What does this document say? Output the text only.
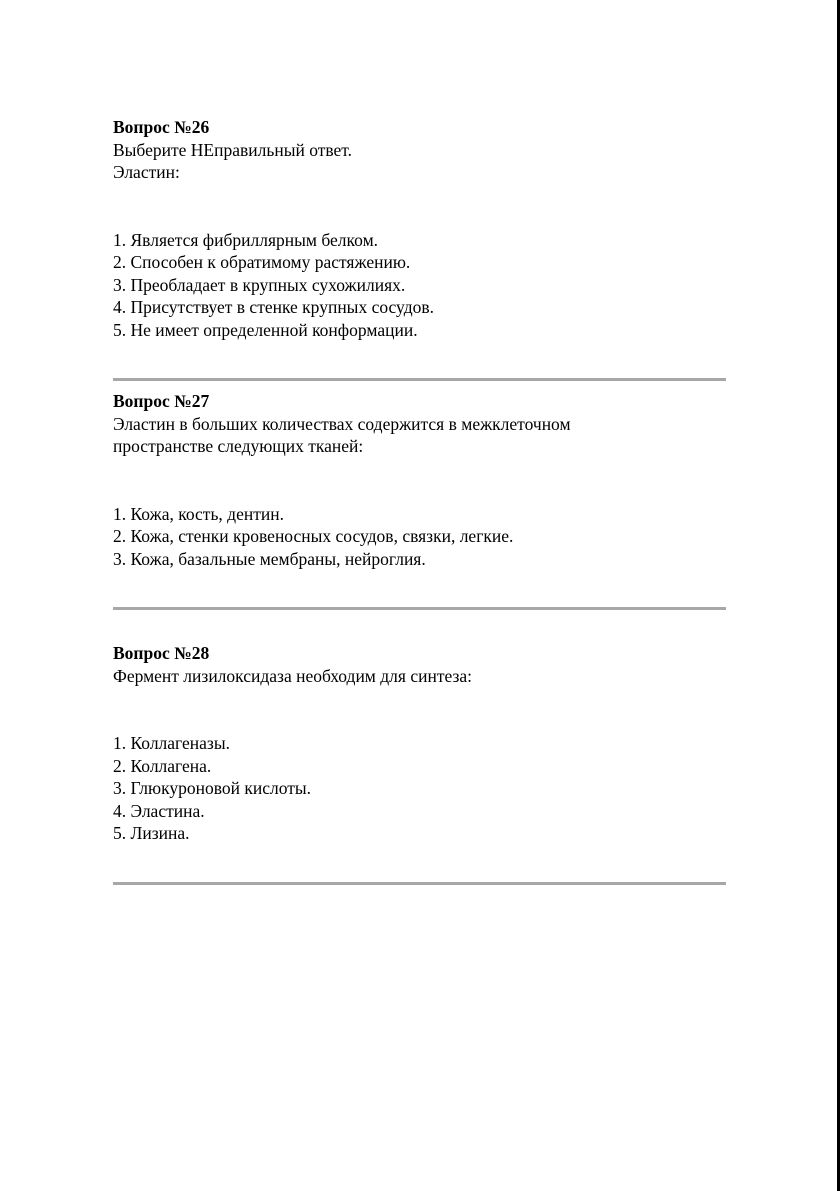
Вопрос №26

Выберите НЕправильный ответ.

Эластин:

1. Является фибриллярным белком.
2. Способен к обратимому растяжению.
3. Преобладает в крупных сухожилиях.
4. Присутствует в стенке крупных сосудов.
5. Не имеет определенной конформации.

Вопрос №27

Эластин в больших количествах содержится в межклеточном

пространстве следующих тканей:

1. Кожа, кость, дентин.
2. Кожа, стенки кровеносных сосудов, связки, легкие.
3. Кожа, базальные мембраны, нейроглия.

Вопрос №28

Фермент лизилоксидаза необходим для синтеза:

1. Коллагеназы.
2. Коллагена.
3. Глюкуроновой кислоты.
4. Эластина.
5. Лизина.
